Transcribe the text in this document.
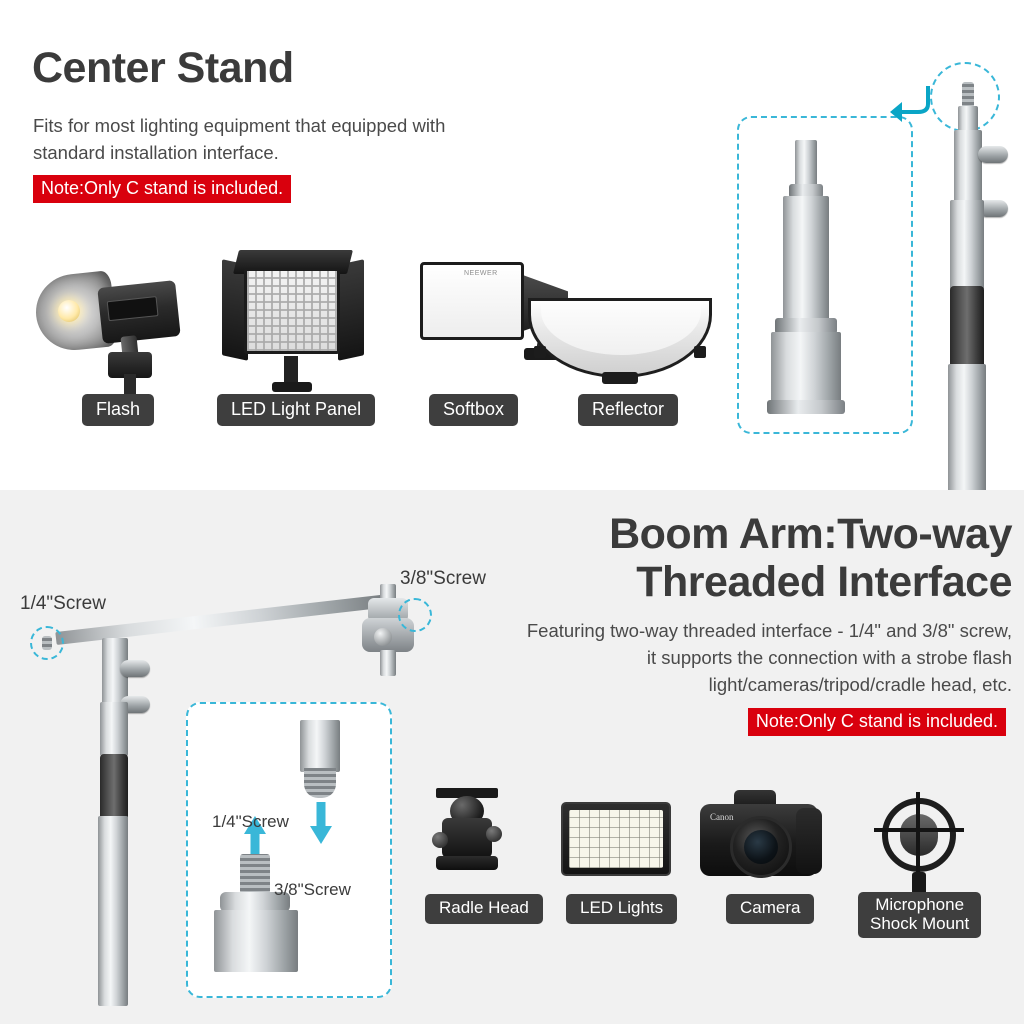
Center Stand

Fits for most lighting equipment that equipped with standard installation interface.

Note:Only C stand is included.
Flash	LED Light Panel
NEEWER
Softbox	Reflector
Boom Arm:Two-way
Threaded Interface

Featuring two-way threaded interface - 1/4" and 3/8" screw, it supports the connection with a strobe flash light/cameras/tripod/cradle head, etc.

Note:Only C stand is included.
1/4"Screw
3/8"Screw
1/4"Screw
3/8"Screw
Radle Head	LED Lights
Canon
Camera	Microphone
Shock Mount
